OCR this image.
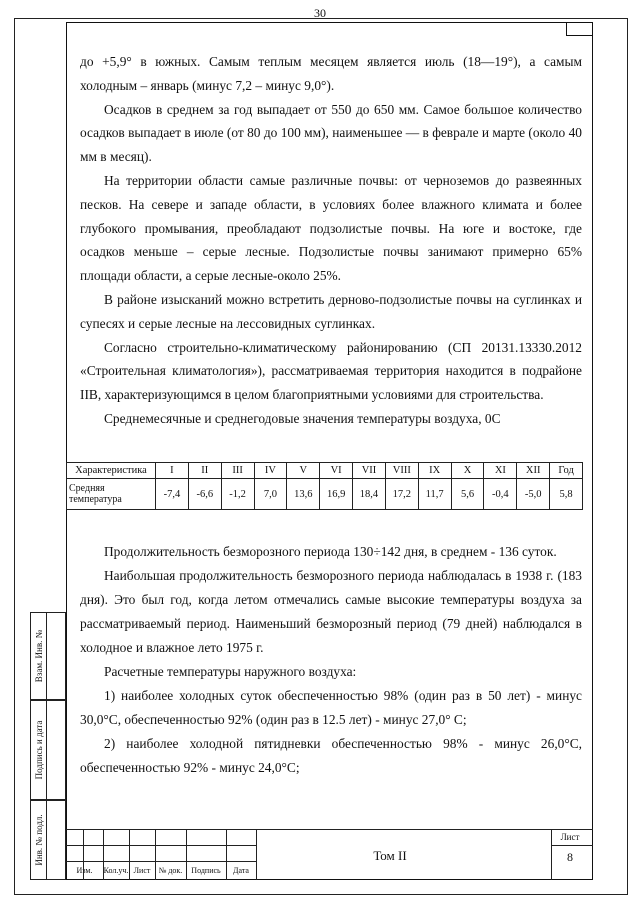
30

до +5,9° в южных. Самым теплым месяцем является июль (18—19°), а самым холодным – январь (минус 7,2 – минус 9,0°).

Осадков в среднем за год выпадает от 550 до 650 мм. Самое большое количество осадков выпадает в июле (от 80 до 100 мм), наименьшее — в феврале и марте (около 40 мм в месяц).

На территории области самые различные почвы: от черноземов до развеянных песков. На севере и западе области, в условиях более влажного климата и более глубокого промывания, преобладают подзолистые почвы. На юге и востоке, где осадков меньше – серые лесные. Подзолистые почвы занимают примерно 65% площади области, а серые лесные-около 25%.

В районе изысканий можно встретить дерново-подзолистые почвы на суглинках и супесях и серые лесные на лессовидных суглинках.

Согласно строительно-климатическому районированию (СП 20131.13330.2012 «Строительная климатология»), рассматриваемая территория находится в подрайоне IIВ, характеризующимся в целом благоприятными условиями для строительства.

Среднемесячные и среднегодовые значения температуры воздуха, 0С

Характеристика	I	II	III	IV	V	VI	VII	VIII	IX	X	XI	XII	Год
Средняя температура	-7,4	-6,6	-1,2	7,0	13,6	16,9	18,4	17,2	11,7	5,6	-0,4	-5,0	5,8

Продолжительность безморозного периода 130÷142 дня, в среднем - 136 суток.

Наибольшая продолжительность безморозного периода наблюдалась в 1938 г. (183 дня). Это был год, когда летом отмечались самые высокие температуры воздуха за рассматриваемый период. Наименьший безморозный период (79 дней) наблюдался в холодное и влажное лето 1975 г.

Расчетные температуры наружного воздуха:

1) наиболее холодных суток обеспеченностью 98% (один раз в 50 лет) - минус 30,0°С, обеспеченностью 92% (один раз в 12.5 лет) - минус 27,0° С;

2) наиболее холодной пятидневки обеспеченностью 98% - минус 26,0°С, обеспеченностью 92% - минус 24,0°С;

Взам. Инв. №
Подпись и дата
Инв. № подл.
Изм.	Кол.уч. Лист	№ док.	Подпись	Дата
Том II
Лист
8
